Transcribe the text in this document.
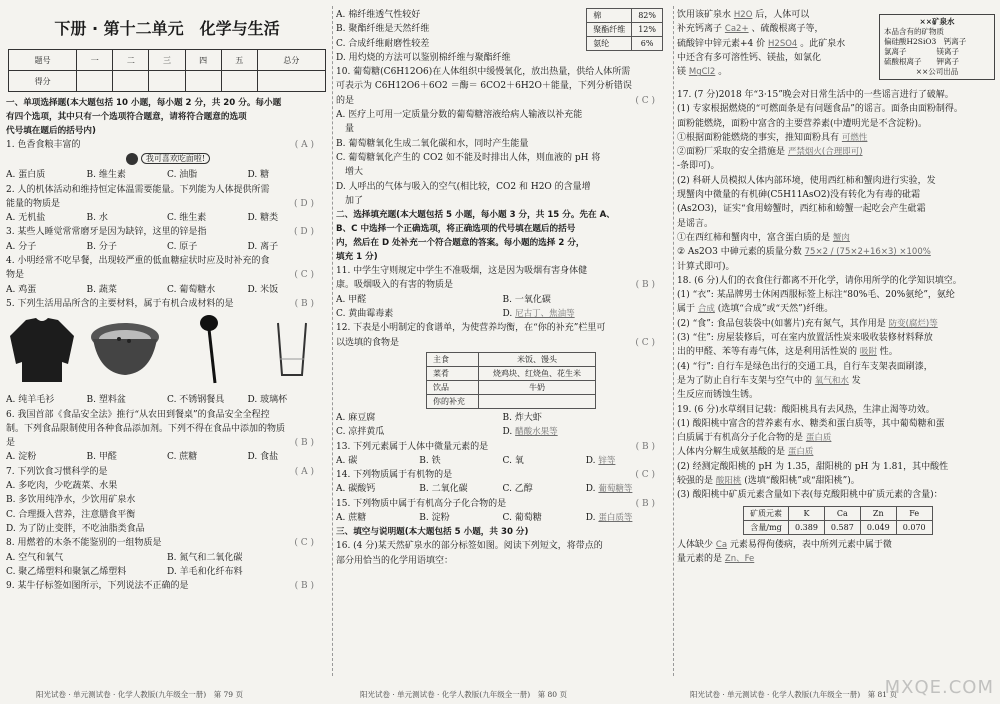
下册 · 第十二单元　化学与生活
题号	一	二	三	四	五	总分
得分						
一、单项选择题(本大题包括 10 小题，每小题 2 分，共 20 分。每小题
有四个选项，其中只有一个选项符合题意，请将符合题意的选项
代号填在题后的括号内)
1. 色香食粮丰富的	( A )
我可喜欢吃面啦!
A. 蛋白质	B. 维生素	C. 油脂	D. 糖
2. 人的机体活动和维持恒定体温需要能量。下列能为人体提供所需
能量的物质是	( D )
A. 无机盐	B. 水	C. 维生素	D. 糖类
3. 某些人睡觉常常磨牙是因为缺锌，这里的锌是指	( D )
A. 分子	B. 分子	C. 原子	D. 离子
4. 小明经常不吃早餐，出现较严重的低血糖症状时应及时补充的食
物是	( C )
A. 鸡蛋	B. 蔬菜	C. 葡萄糖水	D. 米饭
5. 下列生活用品所含的主要材料，属于有机合成材料的是	( B )
A. 纯羊毛衫	B. 塑料盆	C. 不锈钢餐具	D. 玻璃杯
6. 我国首部《食品安全法》推行“从农田到餐桌”的食品安全全程控
制。下列食品限制使用各种食品添加剂。下列不得在食品中添加的物质
是	( B )
A. 淀粉	B. 甲醛	C. 蔗糖	D. 食盐
7. 下列饮食习惯科学的是	( A )
A. 多吃肉，少吃蔬菜、水果
B. 多饮用纯净水，少饮用矿泉水
C. 合理摄入营养，注意膳食平衡
D. 为了防止变胖，不吃油脂类食品
8. 用燃着的木条不能鉴别的一组物质是	( C )
A. 空气和氧气	B. 氮气和二氧化碳
C. 聚乙烯塑料和聚氯乙烯塑料	D. 羊毛和化纤布料
9. 某牛仔标签如图所示，下列说法不正确的是	( B )
A. 棉纤维透气性较好
B. 聚酯纤维是天然纤维
C. 合成纤维耐磨性较差
D. 用灼烧的方法可以鉴别棉纤维与聚酯纤维
棉	82%
聚酯纤维	12%
氨纶	6%
10. 葡萄糖(C6H12O6)在人体组织中缓慢氧化，放出热量，供给人体所需
可表示为 C6H12O6＋6O2 ＝酶＝ 6CO2＋6H2O＋能量，下列分析错误
的是	( C )
A. 医疗上可用一定质量分数的葡萄糖溶液给病人输液以补充能
　量
B. 葡萄糖氧化生成二氧化碳和水，同时产生能量
C. 葡萄糖氧化产生的 CO2 如不能及时排出人体，则血液的 pH 将
　增大
D. 人呼出的气体与吸入的空气(相比较，CO2 和 H2O 的含量增
　加了
二、选择填充题(本大题包括 5 小题，每小题 3 分，共 15 分。先在 A、
B、C 中选择一个正确选项，将正确选项的代号填在题后的括号
内，然后在 D 处补充一个符合题意的答案。每小题的选择 2 分，
填充 1 分)
11. 中学生守则规定中学生不准吸烟，这是因为吸烟有害身体健
康。吸烟吸入的有害的物质是	( B )
A. 甲醛	B. 一氧化碳
C. 黄曲霉毒素	D. 尼古丁、焦油等
12. 下表是小明制定的食谱单，为使营养均衡，在“你的补充”栏里可
以选填的食物是	( C )
主食	米饭、馒头
菜肴	烧鸡块、红烧鱼、花生米
饮品	牛奶
你的补充	
A. 麻豆腐	B. 炸大虾
C. 凉拌黄瓜	D. 醋酸水果等
13. 下列元素属于人体中微量元素的是	( B )
A. 碳	B. 铁	C. 氧	D. 锌等
14. 下列物质属于有机物的是	( C )
A. 碳酸钙	B. 二氧化碳	C. 乙醇	D. 葡萄糖等
15. 下列物质中属于有机高分子化合物的是	( B )
A. 蔗糖	B. 淀粉	C. 葡萄糖	D. 蛋白质等
三、填空与说明题(本大题包括 5 小题，共 30 分)
16. (4 分)某天然矿泉水的部分标签如图。阅读下列短文，将带点的
部分用恰当的化学用语填空：
饮用该矿泉水 H2O 后，人体可以
补充钙离子 Ca2+ 、硫酸根离子等，
硫酸锌中锌元素+4 价 H2SO4 。此矿泉水
中还含有多可溶性钙、镁盐，如氯化
镁 MgCl2 。
××矿泉水
本品含有的矿物质
偏硅酸H2SiO3　钙离子
氯离子　　　　镁离子
硫酸根离子　　钾离子
××公司出品
17. (7 分)2018 年“3·15”晚会对日常生活中的一些谣言进行了破解。
(1) 专家根据燃烧的“可燃面条是有问题食品”的谣言。面条由面粉制得。
面粉能燃烧，面粉中富含的主要营养素(中遭明光是不含淀粉)。
①根据面粉能燃烧的事实，推知面粉具有 可燃性
②面粉厂采取的安全措施是 严禁烟火(合理即可)
-条即可)。
(2) 科研人员模拟人体内部环境，使用西红柿和蟹肉进行实验，发
现蟹肉中微量的有机砷(C5H11AsO2)没有转化为有毒的砒霜
(As2O3)，证实“食用螃蟹时，西红柿和螃蟹一起吃会产生砒霜
是谣言。
①在西红柿和蟹肉中，富含蛋白质的是 蟹肉
② As2O3 中砷元素的质量分数 75×2 / (75×2+16×3) ×100%
计算式即可)。
18. (6 分)人们的衣食住行都离不开化学，请你用所学的化学知识填空。
(1) “衣”: 某品牌男士休闲西服标签上标注“80%毛、20%氨纶”，氨纶
属于 合成 (选填“合成”或“天然”)纤维。
(2) “食”: 食品包装袋中(如薯片)充有氮气，其作用是 防变(腐烂)等
(3) “住”: 房屋装修后，可在室内放置活性炭来吸收装修材料释放
出的甲醛、苯等有毒气体，这是利用活性炭的 吸附 性。
(4) “行”: 自行车是绿色出行的交通工具，自行车支架表面刷漆，
是为了防止自行车支架与空气中的 氧气和水 发
生反应而锈蚀生锈。
19. (6 分)水草纲目记载：酸阳桃具有去风热，生津止渴等功效。
(1) 酸阳桃中富含的营养素有水、糖类和蛋白质等，其中葡萄糖和蛋
白质属于有机高分子化合物的是 蛋白质
人体内分解生成氨基酸的是 蛋白质
(2) 经测定酸阳桃的 pH 为 1.35，甜阳桃的 pH 为 1.81，其中酸性
较强的是 酸阳桃 (选填“酸阳桃”或“甜阳桃”)。
(3) 酸阳桃中矿质元素含量如下表(每克酸阳桃中矿质元素的含量)：
矿质元素	K	Ca	Zn	Fe
含量/mg	0.389	0.587	0.049	0.070
人体缺少 Ca 元素易得佝偻病，表中所列元素中属于微
量元素的是 Zn、Fe
阳光试卷 · 单元测试卷 · 化学人教版(九年级全一册)　第 79 页	阳光试卷 · 单元测试卷 · 化学人教版(九年级全一册)　第 80 页	阳光试卷 · 单元测试卷 · 化学人教版(九年级全一册)　第 81 页
MXQE.COM
